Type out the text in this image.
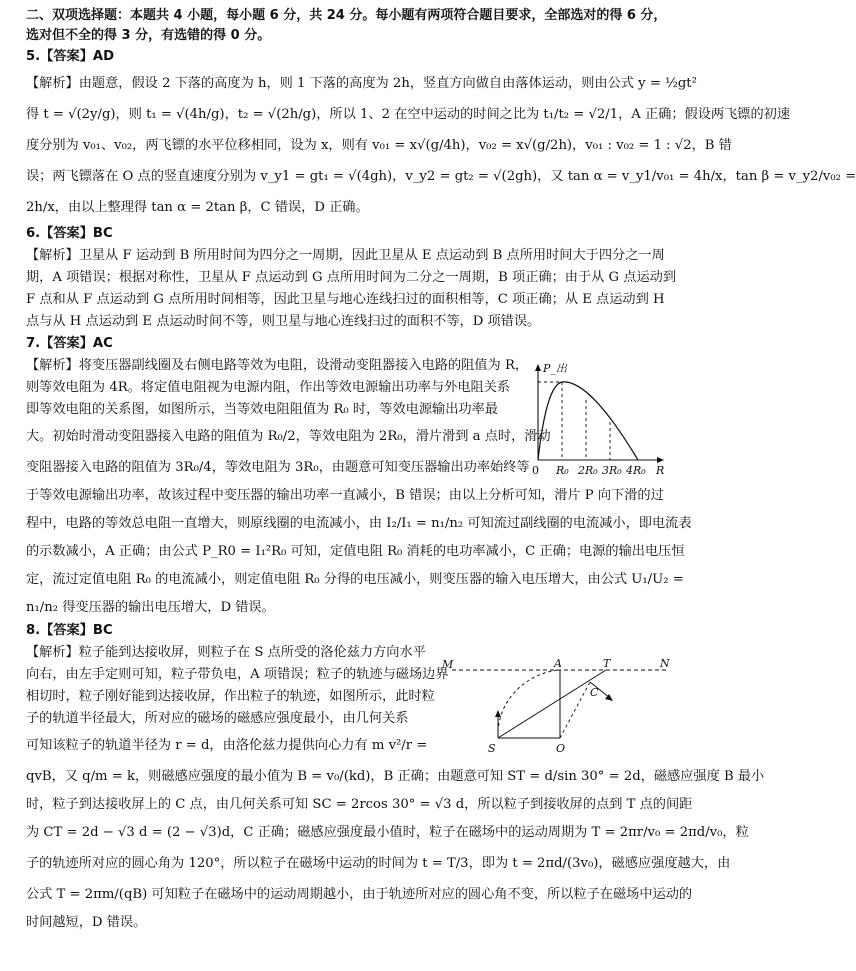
二、双项选择题：本题共 4 小题，每小题 6 分，共 24 分。每小题有两项符合题目要求，全部选对的得 6 分，选对但不全的得 3 分，有选错的得 0 分。

5.【答案】AD

【解析】由题意，假设 2 下落的高度为 h，则 1 下落的高度为 2h，竖直方向做自由落体运动，则由公式 y = ½gt²

得 t = √(2y/g)，则 t₁ = √(4h/g)，t₂ = √(2h/g)，所以 1、2 在空中运动的时间之比为 t₁/t₂ = √2/1，A 正确；假设两飞镖的初速

度分别为 v₀₁、v₀₂，两飞镖的水平位移相同，设为 x，则有 v₀₁ = x√(g/4h)，v₀₂ = x√(g/2h)，v₀₁ : v₀₂ = 1 : √2，B 错

误；两飞镖落在 O 点的竖直速度分别为 v_y1 = gt₁ = √(4gh)，v_y2 = gt₂ = √(2gh)，又 tan α = v_y1/v₀₁ = 4h/x，tan β = v_y2/v₀₂ =

2h/x，由以上整理得 tan α = 2tan β，C 错误，D 正确。

6.【答案】BC

【解析】卫星从 F 运动到 B 所用时间为四分之一周期，因此卫星从 E 点运动到 B 点所用时间大于四分之一周

期，A 项错误；根据对称性，卫星从 F 点运动到 G 点所用时间为二分之一周期，B 项正确；由于从 G 点运动到

F 点和从 F 点运动到 G 点所用时间相等，因此卫星与地心连线扫过的面积相等，C 项正确；从 E 点运动到 H

点与从 H 点运动到 E 点运动时间不等，则卫星与地心连线扫过的面积不等，D 项错误。

7.【答案】AC

【解析】将变压器副线圈及右侧电路等效为电阻，设滑动变阻器接入电路的阻值为 R，

则等效电阻为 4R。将定值电阻视为电源内阻，作出等效电源输出功率与外电阻关系

即等效电阻的关系图，如图所示，当等效电阻阻值为 R₀ 时，等效电源输出功率最

大。初始时滑动变阻器接入电路的阻值为 R₀/2，等效电阻为 2R₀，滑片滑到 a 点时，滑动

变阻器接入电路的阻值为 3R₀/4，等效电阻为 3R₀，由题意可知变压器输出功率始终等

于等效电源输出功率，故该过程中变压器的输出功率一直减小，B 错误；由以上分析可知，滑片 P 向下滑的过

程中，电路的等效总电阻一直增大，则原线圈的电流减小，由 I₂/I₁ = n₁/n₂ 可知流过副线圈的电流减小，即电流表

的示数减小，A 正确；由公式 P_R0 = I₁²R₀ 可知，定值电阻 R₀ 消耗的电功率减小，C 正确；电源的输出电压恒

定，流过定值电阻 R₀ 的电流减小，则定值电阻 R₀ 分得的电压减小，则变压器的输入电压增大，由公式 U₁/U₂ =

n₁/n₂ 得变压器的输出电压增大，D 错误。

8.【答案】BC

【解析】粒子能到达接收屏，则粒子在 S 点所受的洛伦兹力方向水平

向右，由左手定则可知，粒子带负电，A 项错误；粒子的轨迹与磁场边界

相切时，粒子刚好能到达接收屏，作出粒子的轨迹，如图所示，此时粒

子的轨道半径最大，所对应的磁场的磁感应强度最小，由几何关系

可知该粒子的轨道半径为 r = d，由洛伦兹力提供向心力有 m v²/r =

qvB，又 q/m = k，则磁感应强度的最小值为 B = v₀/(kd)，B 正确；由题意可知 ST = d/sin 30° = 2d，磁感应强度 B 最小

时，粒子到达接收屏上的 C 点，由几何关系可知 SC = 2rcos 30° = √3 d，所以粒子到接收屏的点到 T 点的间距

为 CT = 2d − √3 d = (2 − √3)d，C 正确；磁感应强度最小值时，粒子在磁场中的运动周期为 T = 2πr/v₀ = 2πd/v₀，粒

子的轨迹所对应的圆心角为 120°，所以粒子在磁场中运动的时间为 t = T/3，即为 t = 2πd/(3v₀)，磁感应强度越大，由

公式 T = 2πm/(qB) 可知粒子在磁场中的运动周期越小，由于轨迹所对应的圆心角不变，所以粒子在磁场中运动的

时间越短，D 错误。

P_出
R
0 R₀ 2R₀ 3R₀ 4R₀
M	A	T	N
C
S	O
